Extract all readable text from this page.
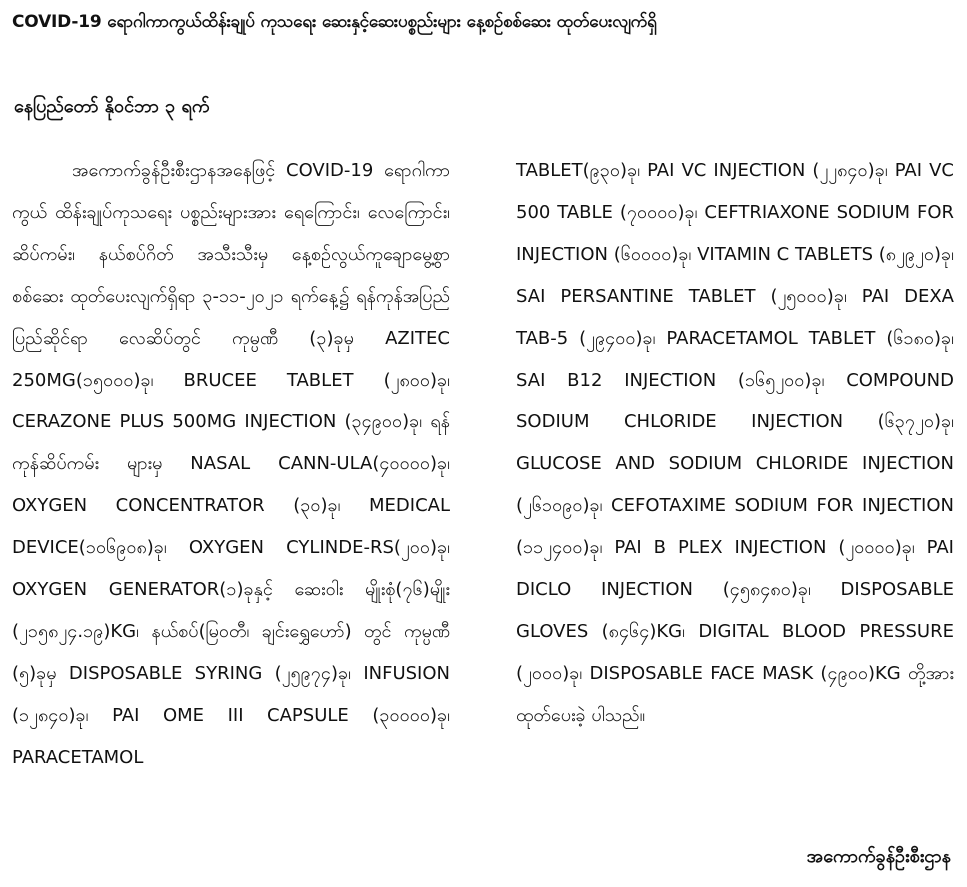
COVID-19 ရောဂါကာကွယ်ထိန်းချုပ် ကုသရေး ဆေးနှင့်ဆေးပစ္စည်းများ နေ့စဉ်စစ်ဆေး ထုတ်ပေးလျက်ရှိ
နေပြည်တော် နိုဝင်ဘာ ၃ ရက်

အကောက်ခွန်ဦးစီးဌာနအနေဖြင့် COVID-19 ရောဂါကာကွယ် ထိန်းချုပ်ကုသရေး ပစ္စည်းများအား ရေကြောင်း၊ လေကြောင်း၊ ဆိပ်ကမ်း၊ နယ်စပ်ဂိတ် အသီးသီးမှ နေ့စဉ်လွယ်ကူချောမွေ့စွာ စစ်ဆေး ထုတ်ပေးလျက်ရှိရာ ၃-၁၁-၂၀၂၁ ရက်နေ့၌ ရန်ကုန်အပြည်ပြည်ဆိုင်ရာ လေဆိပ်တွင် ကုမ္ပဏီ (၃)ခုမှ AZITEC 250MG(၁၅၀၀၀)ခု၊ BRUCEE TABLET (၂၈၀၀)ခု၊ CERAZONE PLUS 500MG INJECTION (၃၄၉၀၀)ခု၊ ရန်ကုန်ဆိပ်ကမ်း များမှ NASAL CANN-ULA(၄၀၀၀၀)ခု၊ OXYGEN CONCENTRATOR (၃၀)ခု၊ MEDICAL DEVICE(၁၀၆၉၀၈)ခု၊ OXYGEN CYLINDE-RS(၂၀၀)ခု၊ OXYGEN GENERATOR(၁)ခုနှင့် ဆေးဝါး မျိုးစုံ(၇၆)မျိုး (၂၁၅၈၂၄.၁၉)KG၊ နယ်စပ်(မြဝတီ၊ ချင်းရွှေဟော်) တွင် ကုမ္ပဏီ (၅)ခုမှ DISPOSABLE SYRING (၂၅၉၇၄)ခု၊ INFUSION (၁၂၈၄၀)ခု၊ PAI OME III CAPSULE (၃၀၀၀၀)ခု၊ PARACETAMOL

TABLET(၉၃၀)ခု၊ PAI VC INJECTION (၂၂၈၄၀)ခု၊ PAI VC 500 TABLE (၇၀၀၀၀)ခု၊ CEFTRIAXONE SODIUM FOR INJECTION (၆၀၀၀၀)ခု၊ VITAMIN C TABLETS (၈၂၉၂၀)ခု၊ SAI PERSANTINE TABLET (၂၅၀၀၀)ခု၊ PAI DEXA TAB-5 (၂၉၄၀၀)ခု၊ PARACETAMOL TABLET (၆၁၈၀)ခု၊ SAI B12 INJECTION (၁၆၅၂၀၀)ခု၊ COMPOUND SODIUM CHLORIDE INJECTION (၆၃၇၂၀)ခု၊ GLUCOSE AND SODIUM CHLORIDE INJECTION (၂၆၁၀၉၀)ခု၊ CEFOTAXIME SODIUM FOR INJECTION (၁၁၂၄၀၀)ခု၊ PAI B PLEX INJECTION (၂၀၀၀၀)ခု၊ PAI DICLO INJECTION (၄၅၈၄၈၀)ခု၊ DISPOSABLE GLOVES (၈၄၆၄)KG၊ DIGITAL BLOOD PRESSURE (၂၀၀၀)ခု၊ DISPOSABLE FACE MASK (၄၉၀၀)KG တို့အား ထုတ်ပေးခဲ့ ပါသည်။

အကောက်ခွန်ဦးစီးဌာန
